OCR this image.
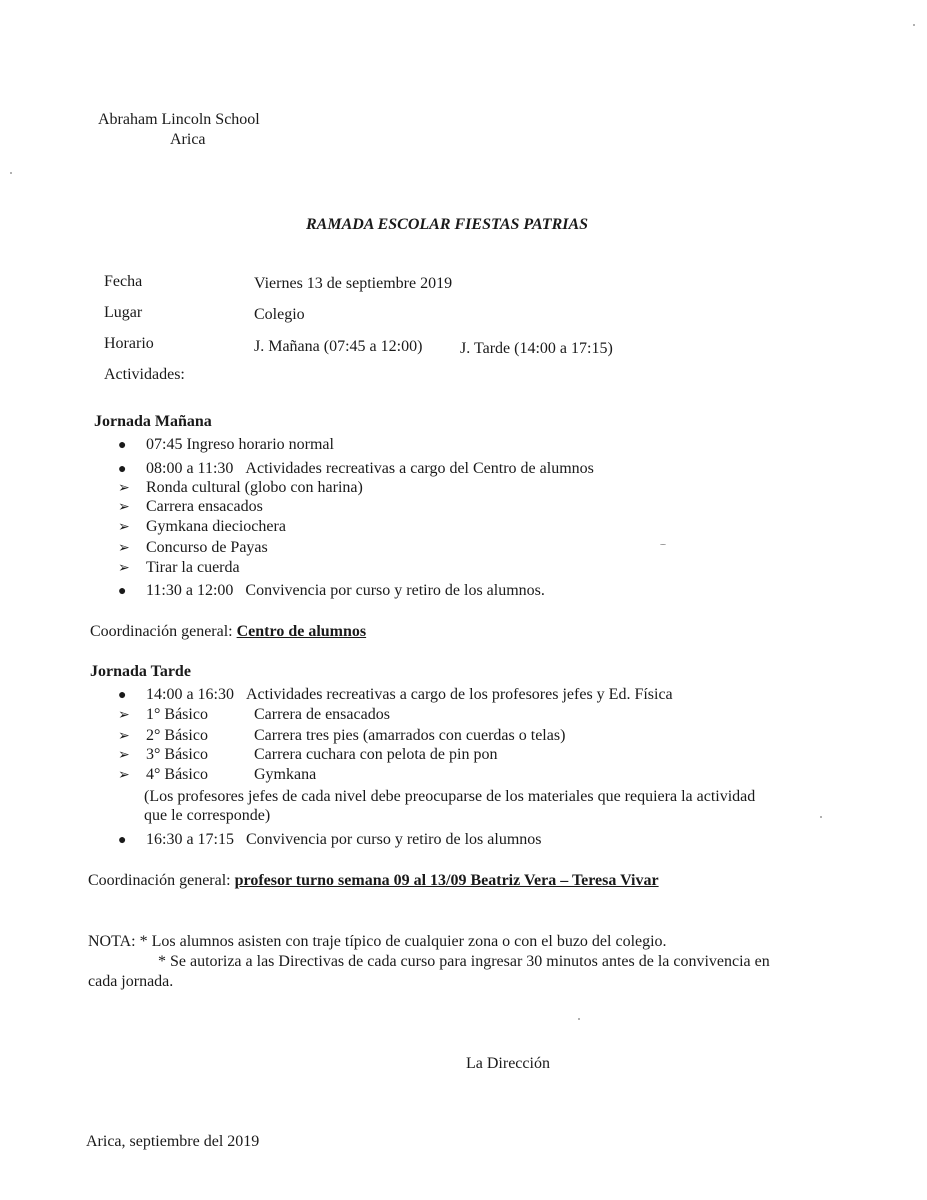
Abraham Lincoln School
Arica
RAMADA ESCOLAR FIESTAS PATRIAS
Fecha	Viernes 13 de septiembre 2019
Lugar	Colegio
Horario	J. Mañana (07:45 a 12:00) J. Tarde (14:00 a 17:15)
Actividades:
Jornada Mañana
●	07:45
Ingreso horario normal
●	08:00 a 11:30
Actividades recreativas a cargo del Centro de alumnos
➢	Ronda cultural (globo con harina)
➢	Carrera ensacados
➢	Gymkana dieciochera
➢	Concurso de Payas
➢	Tirar la cuerda
●	11:30 a 12:00
Convivencia por curso y retiro de los alumnos.
Coordinación general: Centro de alumnos
Jornada Tarde
●	14:00 a 16:30
Actividades recreativas a cargo de los profesores jefes y Ed. Física
➢	1° Básico	Carrera de ensacados
➢	2° Básico	Carrera tres pies (amarrados con cuerdas o telas)
➢	3° Básico	Carrera cuchara con pelota de pin pon
➢	4° Básico	Gymkana
(Los profesores jefes de cada nivel debe preocuparse de los materiales que requiera la actividad
que le corresponde)
●	16:30 a 17:15
Convivencia por curso y retiro de los alumnos
Coordinación general: profesor turno semana 09 al 13/09 Beatriz Vera – Teresa Vivar
NOTA: * Los alumnos asisten con traje típico de cualquier zona o con el buzo del colegio.
* Se autoriza a las Directivas de cada curso para ingresar 30 minutos antes de la convivencia en
cada jornada.
La Dirección
Arica, septiembre del 2019
